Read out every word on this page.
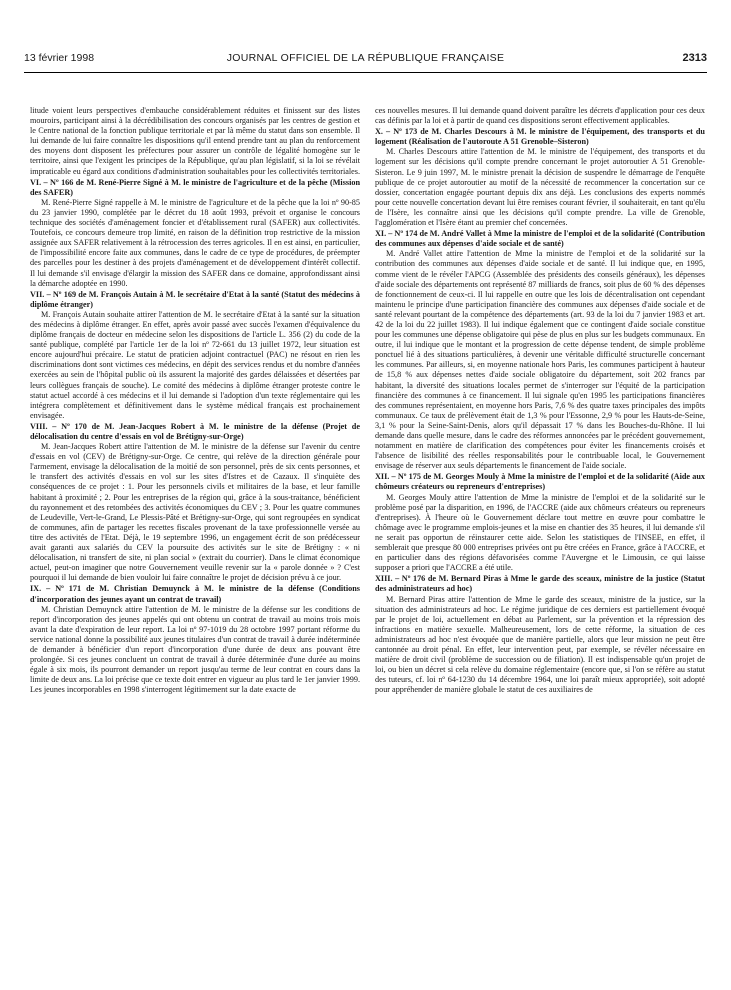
13 février 1998	JOURNAL OFFICIEL DE LA RÉPUBLIQUE FRANÇAISE	2313

litude voient leurs perspectives d'embauche considérablement réduites et finissent sur des listes mouroirs, participant ainsi à la décrédibilisation des concours organisés par les centres de gestion et le Centre national de la fonction publique territoriale et par là même du statut dans son ensemble. Il lui demande de lui faire connaître les dispositions qu'il entend prendre tant au plan du renforcement des moyens dont disposent les préfectures pour assurer un contrôle de légalité homogène sur le territoire, ainsi que l'exigent les principes de la République, qu'au plan législatif, si la loi se révélait impraticable eu égard aux conditions d'administration souhaitables pour les collectivités territoriales.

VI. – Nº 166 de M. René-Pierre Signé à M. le ministre de l'agriculture et de la pêche (Mission des SAFER)

M. René-Pierre Signé rappelle à M. le ministre de l'agriculture et de la pêche que la loi nº 90-85 du 23 janvier 1990, complétée par le décret du 18 août 1993, prévoit et organise le concours technique des sociétés d'aménagement foncier et d'établissement rural (SAFER) aux collectivités. Toutefois, ce concours demeure trop limité, en raison de la définition trop restrictive de la mission assignée aux SAFER relativement à la rétrocession des terres agricoles. Il en est ainsi, en particulier, de l'impossibilité encore faite aux communes, dans le cadre de ce type de procédures, de préempter des parcelles pour les destiner à des projets d'aménagement et de développement d'intérêt collectif. Il lui demande s'il envisage d'élargir la mission des SAFER dans ce domaine, approfondissant ainsi la démarche adoptée en 1990.

VII. – Nº 169 de M. François Autain à M. le secrétaire d'Etat à la santé (Statut des médecins à diplôme étranger)

M. François Autain souhaite attirer l'attention de M. le secrétaire d'Etat à la santé sur la situation des médecins à diplôme étranger. En effet, après avoir passé avec succès l'examen d'équivalence du diplôme français de docteur en médecine selon les dispositions de l'article L. 356 (2) du code de la santé publique, complété par l'article 1er de la loi nº 72-661 du 13 juillet 1972, leur situation est encore aujourd'hui précaire. Le statut de praticien adjoint contractuel (PAC) ne résout en rien les discriminations dont sont victimes ces médecins, en dépit des services rendus et du nombre d'années exercées au sein de l'hôpital public où ils assurent la majorité des gardes délaissées et désertées par leurs collègues français de souche). Le comité des médecins à diplôme étranger proteste contre le statut actuel accordé à ces médecins et il lui demande si l'adoption d'un texte réglementaire qui les intégrera complètement et définitivement dans le système médical français est prochainement envisagée.

VIII. – Nº 170 de M. Jean-Jacques Robert à M. le ministre de la défense (Projet de délocalisation du centre d'essais en vol de Brétigny-sur-Orge)

M. Jean-Jacques Robert attire l'attention de M. le ministre de la défense sur l'avenir du centre d'essais en vol (CEV) de Brétigny-sur-Orge. Ce centre, qui relève de la direction générale pour l'armement, envisage la délocalisation de la moitié de son personnel, près de six cents personnes, et le transfert des activités d'essais en vol sur les sites d'Istres et de Cazaux. Il s'inquiète des conséquences de ce projet : 1. Pour les personnels civils et militaires de la base, et leur famille habitant à proximité ; 2. Pour les entreprises de la région qui, grâce à la sous-traitance, bénéficient du rayonnement et des retombées des activités économiques du CEV ; 3. Pour les quatre communes de Leudeville, Vert-le-Grand, Le Plessis-Pâté et Brétigny-sur-Orge, qui sont regroupées en syndicat de communes, afin de partager les recettes fiscales provenant de la taxe professionnelle versée au titre des activités de l'Etat. Déjà, le 19 septembre 1996, un engagement écrit de son prédécesseur avait garanti aux salariés du CEV la poursuite des activités sur le site de Brétigny : « ni délocalisation, ni transfert de site, ni plan social » (extrait du courrier). Dans le climat économique actuel, peut-on imaginer que notre Gouvernement veuille revenir sur la « parole donnée » ? C'est pourquoi il lui demande de bien vouloir lui faire connaître le projet de décision prévu à ce jour.

IX. – Nº 171 de M. Christian Demuynck à M. le ministre de la défense (Conditions d'incorporation des jeunes ayant un contrat de travail)

M. Christian Demuynck attire l'attention de M. le ministre de la défense sur les conditions de report d'incorporation des jeunes appelés qui ont obtenu un contrat de travail au moins trois mois avant la date d'expiration de leur report. La loi nº 97-1019 du 28 octobre 1997 portant réforme du service national donne la possibilité aux jeunes titulaires d'un contrat de travail à durée indéterminée de demander à bénéficier d'un report d'incorporation d'une durée de deux ans pouvant être prolongée. Si ces jeunes concluent un contrat de travail à durée déterminée d'une durée au moins égale à six mois, ils pourront demander un report jusqu'au terme de leur contrat en cours dans la limite de deux ans. La loi précise que ce texte doit entrer en vigueur au plus tard le 1er janvier 1999. Les jeunes incorporables en 1998 s'interrogent légitimement sur la date exacte de

ces nouvelles mesures. Il lui demande quand doivent paraître les décrets d'application pour ces deux cas définis par la loi et à partir de quand ces dispositions seront effectivement applicables.

X. – Nº 173 de M. Charles Descours à M. le ministre de l'équipement, des transports et du logement (Réalisation de l'autoroute A 51 Grenoble–Sisteron)

M. Charles Descours attire l'attention de M. le ministre de l'équipement, des transports et du logement sur les décisions qu'il compte prendre concernant le projet autoroutier A 51 Grenoble-Sisteron. Le 9 juin 1997, M. le ministre prenait la décision de suspendre le démarrage de l'enquête publique de ce projet autoroutier au motif de la nécessité de recommencer la concertation sur ce dossier, concertation engagée pourtant depuis dix ans déjà. Les conclusions des experts nommés pour cette nouvelle concertation devant lui être remises courant février, il souhaiterait, en tant qu'élu de l'Isère, les connaître ainsi que les décisions qu'il compte prendre. La ville de Grenoble, l'agglomération et l'Isère étant au premier chef concernées.

XI. – Nº 174 de M. André Vallet à Mme la ministre de l'emploi et de la solidarité (Contribution des communes aux dépenses d'aide sociale et de santé)

M. André Vallet attire l'attention de Mme la ministre de l'emploi et de la solidarité sur la contribution des communes aux dépenses d'aide sociale et de santé. Il lui indique que, en 1995, comme vient de le révéler l'APCG (Assemblée des présidents des conseils généraux), les dépenses d'aide sociale des départements ont représenté 87 milliards de francs, soit plus de 60 % des dépenses de fonctionnement de ceux-ci. Il lui rappelle en outre que les lois de décentralisation ont cependant maintenu le principe d'une participation financière des communes aux dépenses d'aide sociale et de santé relevant pourtant de la compétence des départements (art. 93 de la loi du 7 janvier 1983 et art. 42 de la loi du 22 juillet 1983). Il lui indique également que ce contingent d'aide sociale constitue pour les communes une dépense obligatoire qui pèse de plus en plus sur les budgets communaux. En outre, il lui indique que le montant et la progression de cette dépense tendent, de simple problème ponctuel lié à des situations particulières, à devenir une véritable difficulté structurelle concernant les communes. Par ailleurs, si, en moyenne nationale hors Paris, les communes participent à hauteur de 15,8 % aux dépenses nettes d'aide sociale obligatoire du département, soit 202 francs par habitant, la diversité des situations locales permet de s'interroger sur l'équité de la participation financière des communes à ce financement. Il lui signale qu'en 1995 les participations financières des communes représentaient, en moyenne hors Paris, 7,6 % des quatre taxes principales des impôts communaux. Ce taux de prélèvement était de 1,3 % pour l'Essonne, 2,9 % pour les Hauts-de-Seine, 3,1 % pour la Seine-Saint-Denis, alors qu'il dépassait 17 % dans les Bouches-du-Rhône. Il lui demande dans quelle mesure, dans le cadre des réformes annoncées par le précédent gouvernement, notamment en matière de clarification des compétences pour éviter les financements croisés et l'absence de lisibilité des réelles responsabilités pour le contribuable local, le Gouvernement envisage de réserver aux seuls départements le financement de l'aide sociale.

XII. – Nº 175 de M. Georges Mouly à Mme la ministre de l'emploi et de la solidarité (Aide aux chômeurs créateurs ou repreneurs d'entreprises)

M. Georges Mouly attire l'attention de Mme la ministre de l'emploi et de la solidarité sur le problème posé par la disparition, en 1996, de l'ACCRE (aide aux chômeurs créateurs ou repreneurs d'entreprises). À l'heure où le Gouvernement déclare tout mettre en œuvre pour combattre le chômage avec le programme emplois-jeunes et la mise en chantier des 35 heures, il lui demande s'il ne serait pas opportun de réinstaurer cette aide. Selon les statistiques de l'INSEE, en effet, il semblerait que presque 80 000 entreprises privées ont pu être créées en France, grâce à l'ACCRE, et en particulier dans des régions défavorisées comme l'Auvergne et le Limousin, ce qui laisse supposer a priori que l'ACCRE a été utile.

XIII. – Nº 176 de M. Bernard Piras à Mme le garde des sceaux, ministre de la justice (Statut des administrateurs ad hoc)

M. Bernard Piras attire l'attention de Mme le garde des sceaux, ministre de la justice, sur la situation des administrateurs ad hoc. Le régime juridique de ces derniers est partiellement évoqué par le projet de loi, actuellement en débat au Parlement, sur la prévention et la répression des infractions en matière sexuelle. Malheureusement, lors de cette réforme, la situation de ces administrateurs ad hoc n'est évoquée que de manière partielle, alors que leur mission ne peut être cantonnée au droit pénal. En effet, leur intervention peut, par exemple, se révéler nécessaire en matière de droit civil (problème de succession ou de filiation). Il est indispensable qu'un projet de loi, ou bien un décret si cela relève du domaine réglementaire (encore que, si l'on se réfère au statut des tuteurs, cf. loi nº 64-1230 du 14 décembre 1964, une loi paraît mieux appropriée), soit adopté pour appréhender de manière globale le statut de ces auxiliaires de
